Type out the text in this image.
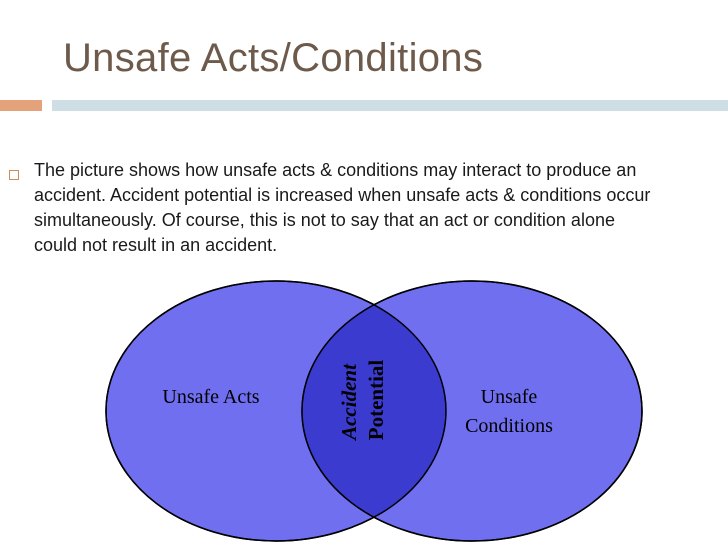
Unsafe Acts/Conditions
The picture shows how unsafe acts & conditions may interact to produce an
accident. Accident potential is increased when unsafe acts & conditions occur
simultaneously. Of course, this is not to say that an act or condition alone
could not result in an accident.
Unsafe Acts	Unsafe
Conditions
Accident Potential
